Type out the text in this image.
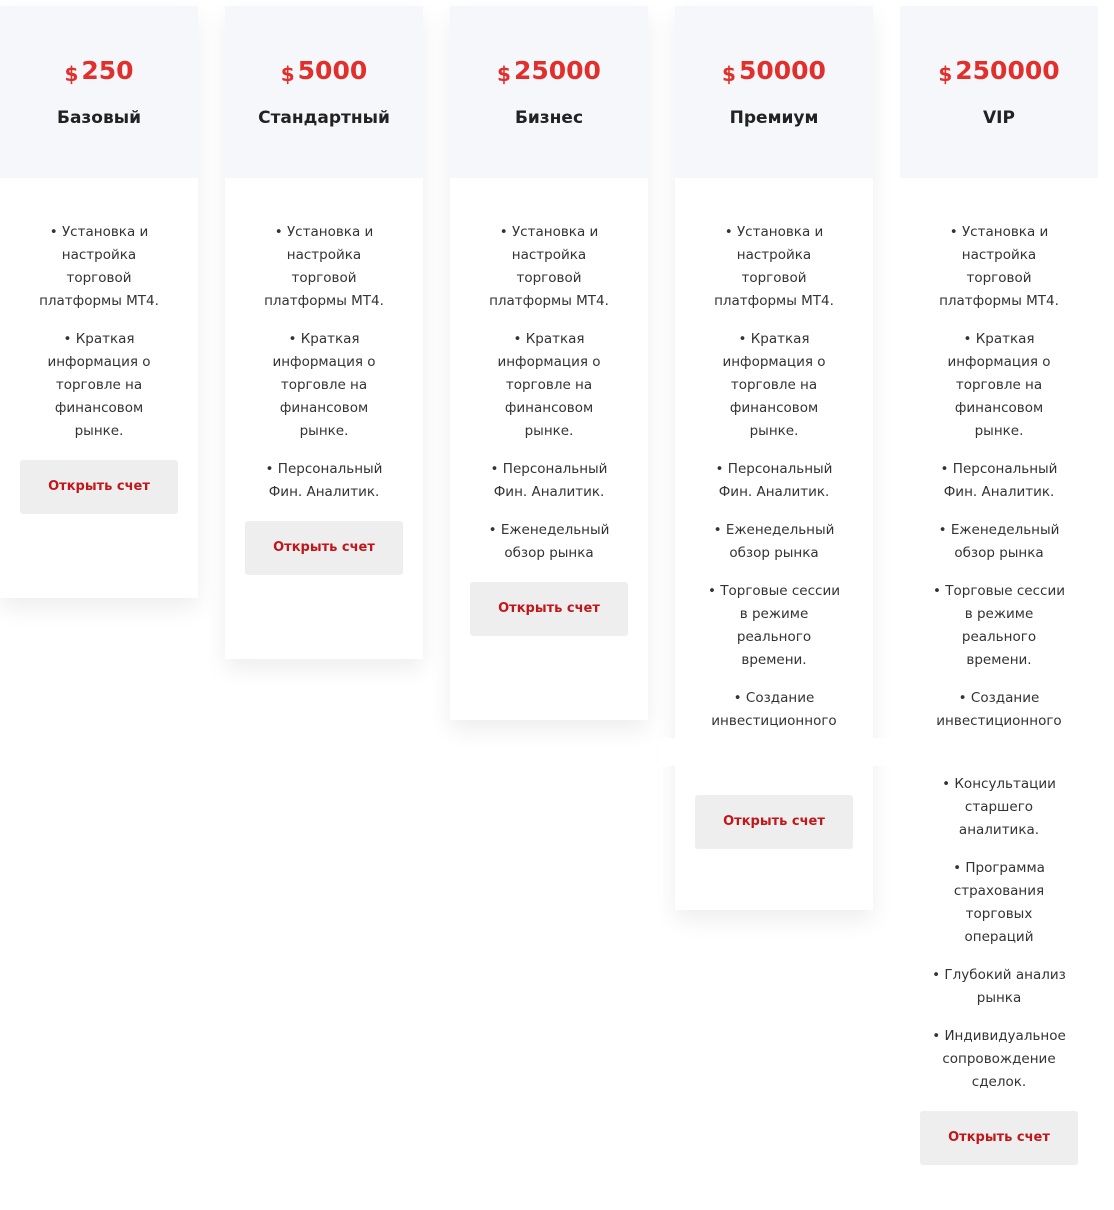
$ 250
Базовый
• Установка и настройка торговой платформы МТ4.
• Краткая информация о торговле на финансовом рынке.
Открыть счет
$ 5000
Стандартный
• Установка и настройка торговой платформы МТ4.
• Краткая информация о торговле на финансовом рынке.
• Персональный Фин. Аналитик.
Открыть счет
$ 25000
Бизнес
• Установка и настройка торговой платформы МТ4.
• Краткая информация о торговле на финансовом рынке.
• Персональный Фин. Аналитик.
• Еженедельный обзор рынка
Открыть счет
$ 50000
Премиум
• Установка и настройка торговой платформы МТ4.
• Краткая информация о торговле на финансовом рынке.
• Персональный Фин. Аналитик.
• Еженедельный обзор рынка
• Торговые сессии в режиме реального времени.
• Создание инвестиционного
Открыть счет
$ 250000
VIP
• Установка и настройка торговой платформы МТ4.
• Краткая информация о торговле на финансовом рынке.
• Персональный Фин. Аналитик.
• Еженедельный обзор рынка
• Торговые сессии в режиме реального времени.
• Создание инвестиционного
• Консультации старшего аналитика.
• Программа страхования торговых операций
• Глубокий анализ рынка
• Индивидуальное сопровождение сделок.
Открыть счет
